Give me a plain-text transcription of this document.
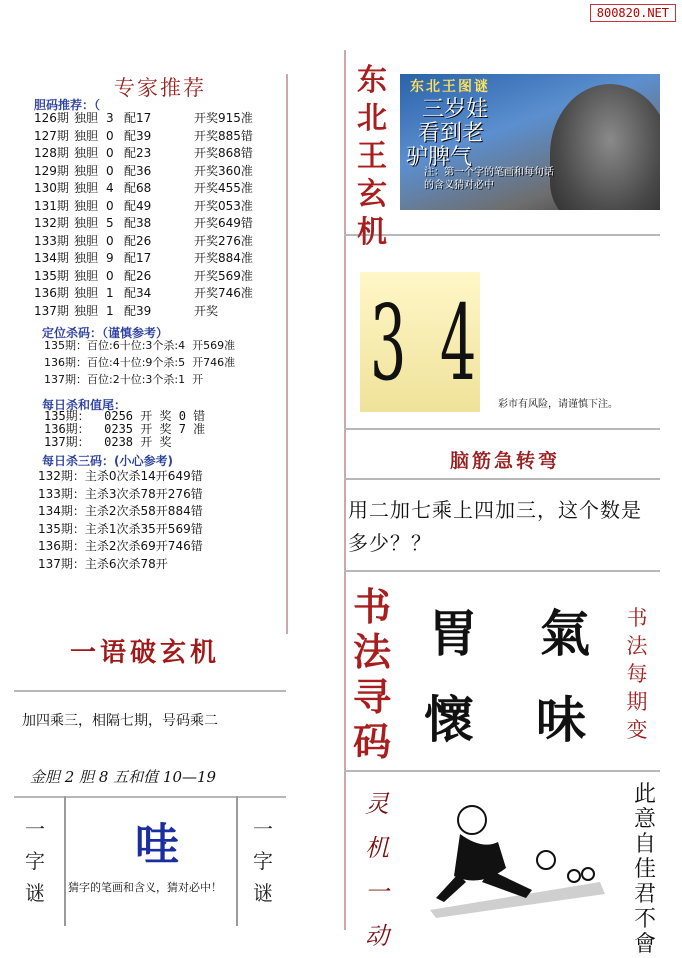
800820.NET
专家推荐
胆码推荐：（
126期 独胆 3 配17	开奖915准
127期 独胆 0 配39	开奖885错
128期 独胆 0 配23	开奖868错
129期 独胆 0 配36	开奖360准
130期 独胆 4 配68	开奖455准
131期 独胆 0 配49	开奖053准
132期 独胆 5 配38	开奖649错
133期 独胆 0 配26	开奖276准
134期 独胆 9 配17	开奖884准
135期 独胆 0 配26	开奖569准
136期 独胆 1 配34	开奖746准
137期 独胆 1 配39	开奖
定位杀码：（谨慎参考）
135期：百位:6十位:3个杀:4  开569准
136期：百位:4十位:9个杀:5  开746准
137期：百位:2十位:3个杀:1  开
每日杀和值尾：
135期：  0256 开 奖 0 错
136期：  0235 开 奖 7 准
137期：  0238 开 奖
每日杀三码：(小心参考)
132期：主杀0次杀14开649错
133期：主杀3次杀78开276错
134期：主杀2次杀58开884错
135期：主杀1次杀35开569错
136期：主杀2次杀69开746错
137期：主杀6次杀78开
一语破玄机
加四乘三，相隔七期，号码乘二
金胆 2 胆 8 五和值 10—19
一
字
谜
一
字
谜
哇
猜字的笔画和含义，猜对必中！
东
北
王
玄
机
东北王图谜
三岁娃
看到老
驴脾气
注：第一个字的笔画和每句话的含义猜对必中
3 4
彩市有风险，请谨慎下注。
脑筋急转弯
用二加七乘上四加三，这个数是多少？？
书
法
寻
码
胃 氣
懷 味
书
法
每
期
变
灵
机
一
动
此
意
自
佳
君
不
會
